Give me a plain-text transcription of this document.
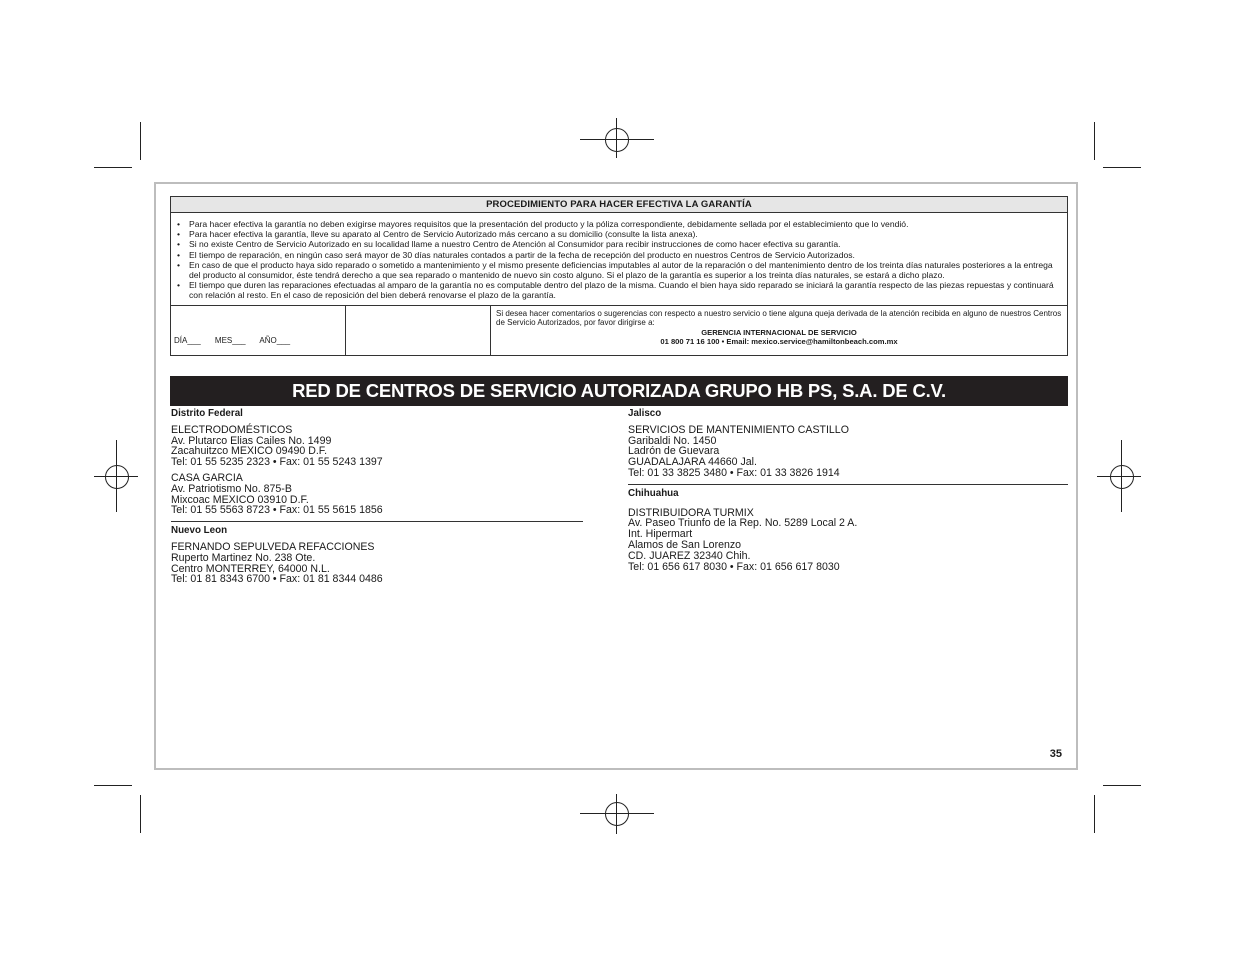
PROCEDIMIENTO PARA HACER EFECTIVA LA GARANTÍA
• Para hacer efectiva la garantía no deben exigirse mayores requisitos que la presentación del producto y la póliza correspondiente, debidamente sellada por el establecimiento que lo vendió.
• Para hacer efectiva la garantía, lleve su aparato al Centro de Servicio Autorizado más cercano a su domicilio (consulte la lista anexa).
• Si no existe Centro de Servicio Autorizado en su localidad llame a nuestro Centro de Atención al Consumidor para recibir instrucciones de como hacer efectiva su garantía.
• El tiempo de reparación, en ningún caso será mayor de 30 días naturales contados a partir de la fecha de recepción del producto en nuestros Centros de Servicio Autorizados.
• En caso de que el producto haya sido reparado o sometido a mantenimiento y el mismo presente deficiencias imputables al autor de la reparación o del mantenimiento dentro de los treinta días naturales posteriores a la entrega del producto al consumidor, éste tendrá derecho a que sea reparado o mantenido de nuevo sin costo alguno. Si el plazo de la garantía es superior a los treinta días naturales, se estará a dicho plazo.
• El tiempo que duren las reparaciones efectuadas al amparo de la garantía no es computable dentro del plazo de la misma. Cuando el bien haya sido reparado se iniciará la garantía respecto de las piezas repuestas y continuará con relación al resto. En el caso de reposición del bien deberá renovarse el plazo de la garantía.
DÍA___ MES___ AÑO___
Si desea hacer comentarios o sugerencias con respecto a nuestro servicio o tiene alguna queja derivada de la atención recibida en alguno de nuestros Centros de Servicio Autorizados, por favor dirigirse a:
GERENCIA INTERNACIONAL DE SERVICIO
01 800 71 16 100 • Email: mexico.service@hamiltonbeach.com.mx
RED DE CENTROS DE SERVICIO AUTORIZADA GRUPO HB PS, S.A. DE C.V.
Distrito Federal
ELECTRODOMÉSTICOS
Av. Plutarco Elias Cailes No. 1499
Zacahuitzco MEXICO 09490 D.F.
Tel: 01 55 5235 2323 • Fax: 01 55 5243 1397
CASA GARCIA
Av. Patriotismo No. 875-B
Mixcoac MEXICO 03910 D.F.
Tel: 01 55 5563 8723 • Fax: 01 55 5615 1856
Nuevo Leon
FERNANDO SEPULVEDA REFACCIONES
Ruperto Martinez No. 238 Ote.
Centro MONTERREY, 64000 N.L.
Tel: 01 81 8343 6700 • Fax: 01 81 8344 0486
Jalisco
SERVICIOS DE MANTENIMIENTO CASTILLO
Garibaldi No. 1450
Ladrón de Guevara
GUADALAJARA 44660 Jal.
Tel: 01 33 3825 3480 • Fax: 01 33 3826 1914
Chihuahua
DISTRIBUIDORA TURMIX
Av. Paseo Triunfo de la Rep. No. 5289 Local 2 A.
Int. Hipermart
Alamos de San Lorenzo
CD. JUAREZ 32340 Chih.
Tel: 01 656 617 8030 • Fax: 01 656 617 8030
35
